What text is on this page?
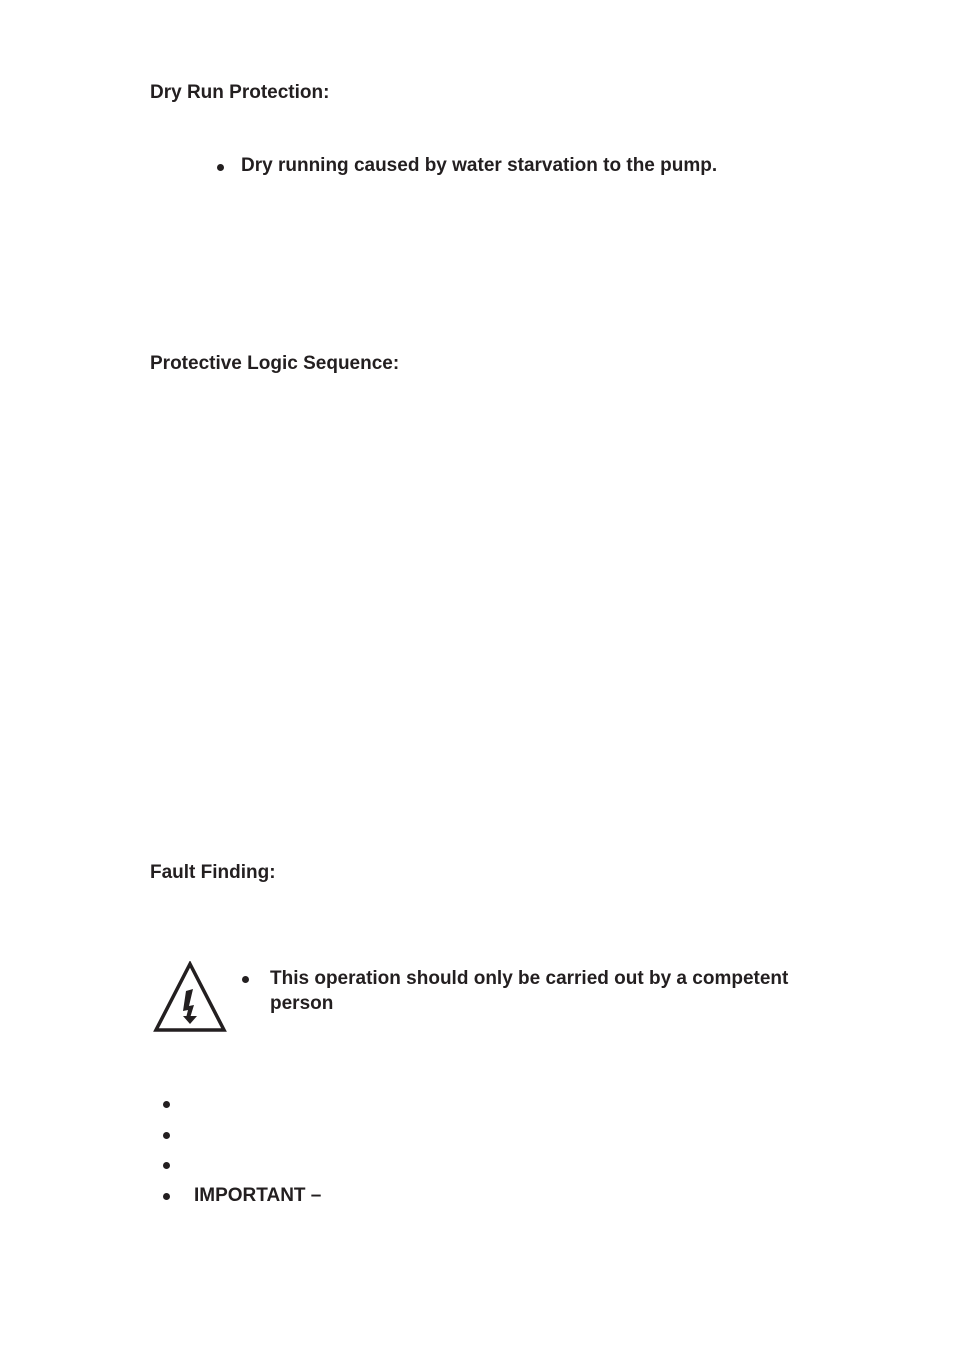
Dry Run Protection:

Dry running caused by water starvation to the pump.

Protective Logic Sequence:
Fault Finding:

This operation should only be carried out by a competent person

IMPORTANT –
